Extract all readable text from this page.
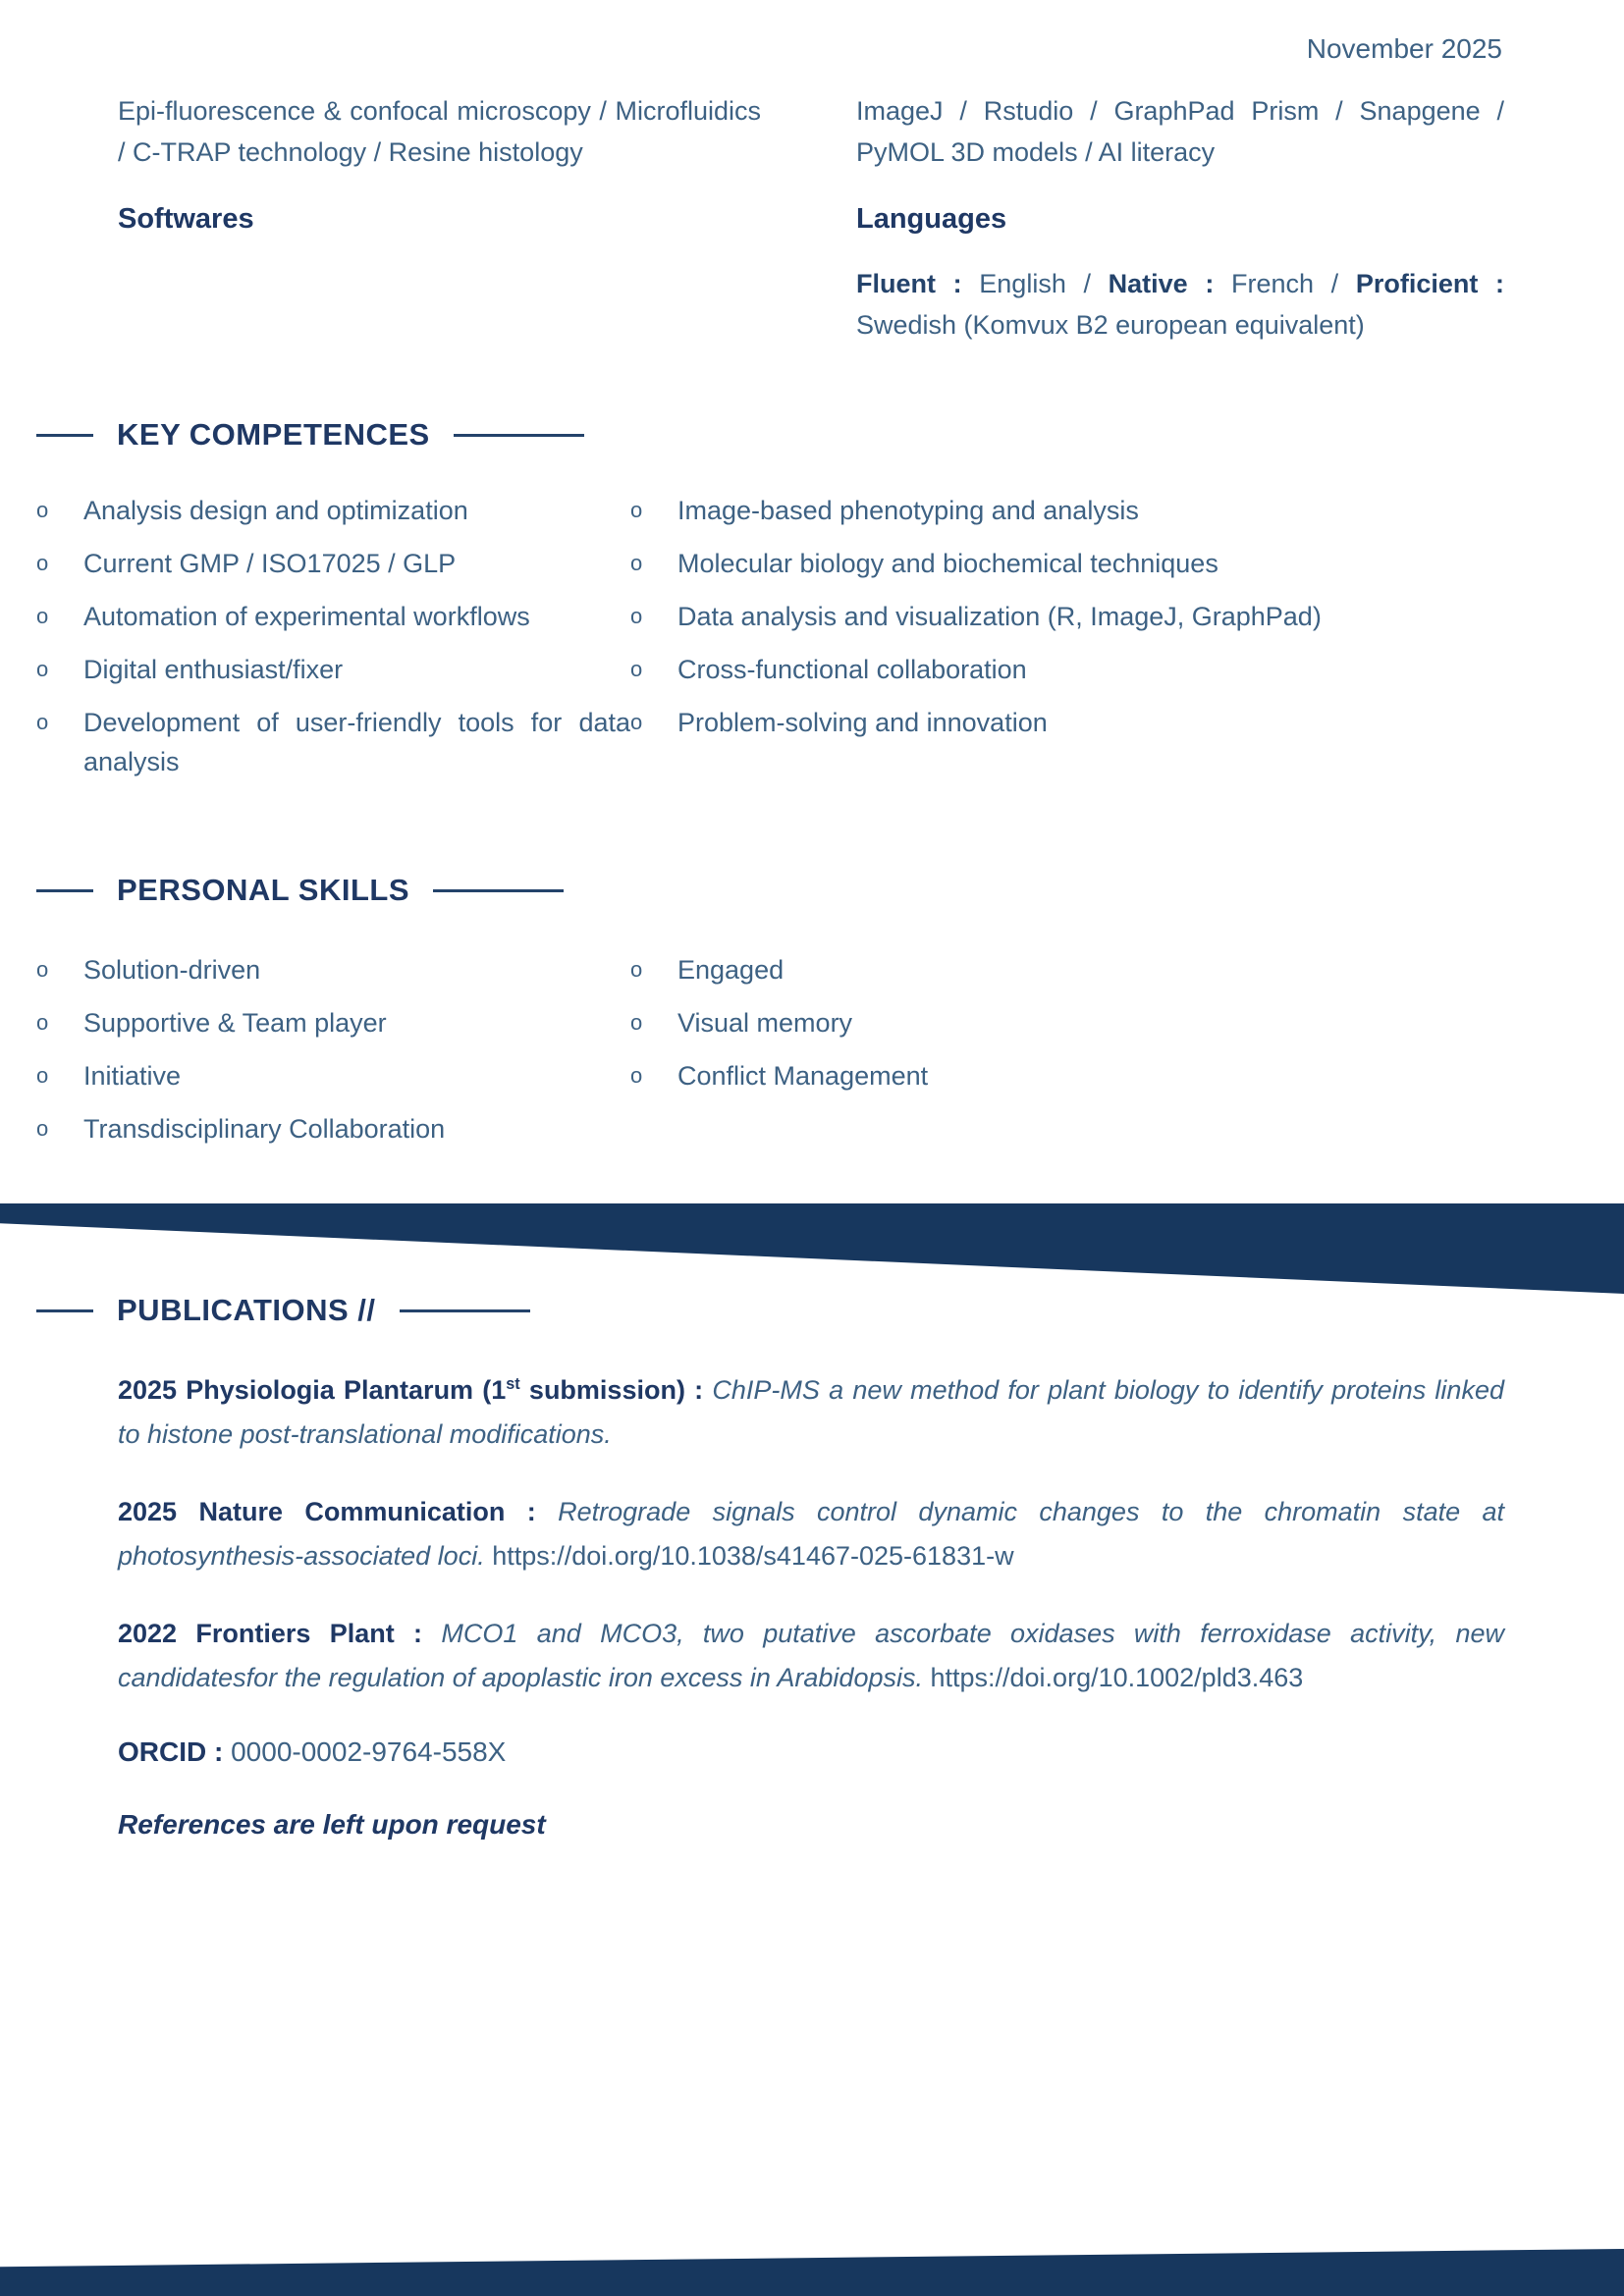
November 2025

Epi-fluorescence & confocal microscopy / Microfluidics / C-TRAP technology / Resine histology

Softwares

ImageJ / Rstudio / GraphPad Prism / Snapgene / PyMOL 3D models / AI literacy

Languages

Fluent : English / Native : French / Proficient : Swedish (Komvux B2 european equivalent)

KEY COMPETENCES
o	Analysis design and optimization
o	Current GMP / ISO17025 / GLP
o	Automation of experimental workflows
o	Digital enthusiast/fixer
o	Development of user-friendly tools for data analysis
o	Image-based phenotyping and analysis
o	Molecular biology and biochemical techniques
o	Data analysis and visualization (R, ImageJ, GraphPad)
o	Cross-functional collaboration
o	Problem-solving and innovation
PERSONAL SKILLS
o	Solution-driven
o	Supportive & Team player
o	Initiative
o	Transdisciplinary Collaboration
o	Engaged
o	Visual memory
o	Conflict Management
PUBLICATIONS //

2025 Physiologia Plantarum (1st submission) : ChIP-MS a new method for plant biology to identify proteins linked to histone post-translational modifications.

2025 Nature Communication : Retrograde signals control dynamic changes to the chromatin state at photosynthesis-associated loci. https://doi.org/10.1038/s41467-025-61831-w

2022 Frontiers Plant : MCO1 and MCO3, two putative ascorbate oxidases with ferroxidase activity, new candidatesfor the regulation of apoplastic iron excess in Arabidopsis. https://doi.org/10.1002/pld3.463

ORCID : 0000-0002-9764-558X

References are left upon request
